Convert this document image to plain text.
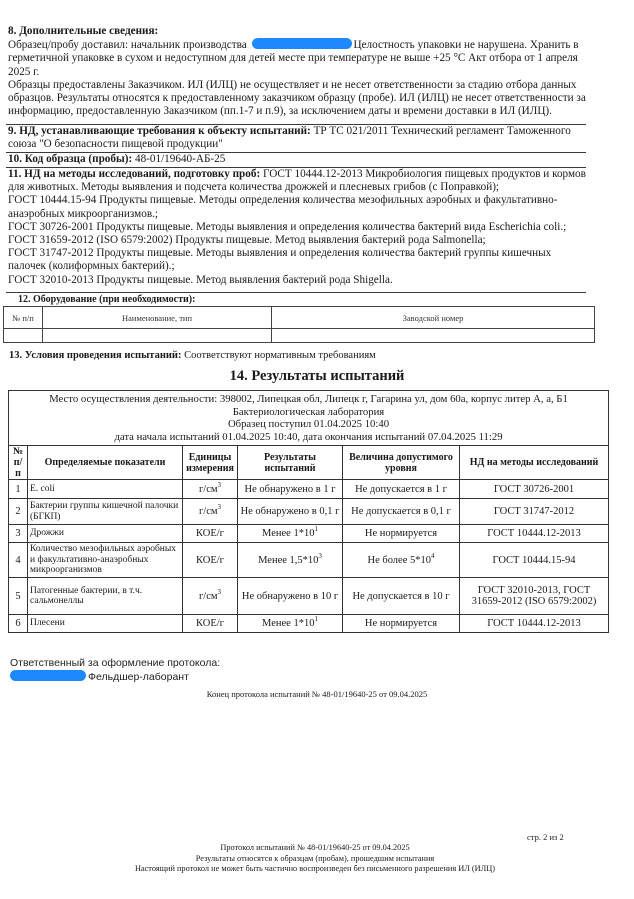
8. Дополнительные сведения:
Образец/пробу доставил: начальник производства	Целостность упаковки не нарушена. Хранить в герметичной упаковке в сухом и недоступном для детей месте при температуре не выше +25 °С Акт отбора от 1 апреля 2025 г.
Образцы предоставлены Заказчиком. ИЛ (ИЛЦ) не осуществляет и не несет ответственности за стадию отбора данных образцов. Результаты относятся к предоставленному заказчиком образцу (пробе). ИЛ (ИЛЦ) не несет ответственности за информацию, предоставленную Заказчиком (пп.1-7 и п.9), за исключением даты и времени доставки в ИЛ (ИЛЦ).
9. НД, устанавливающие требования к объекту испытаний: ТР ТС 021/2011 Технический регламент Таможенного союза "О безопасности пищевой продукции"
10. Код образца (пробы): 48-01/19640-АБ-25
11. НД на методы исследований, подготовку проб: ГОСТ 10444.12-2013 Микробиология пищевых продуктов и кормов для животных. Методы выявления и подсчета количества дрожжей и плесневых грибов (с Поправкой);
ГОСТ 10444.15-94 Продукты пищевые. Методы определения количества мезофильных аэробных и факультативно-анаэробных микроорганизмов.;
ГОСТ 30726-2001 Продукты пищевые. Методы выявления и определения количества бактерий вида Escherichia coli.;
ГОСТ 31659-2012 (ISO 6579:2002) Продукты пищевые. Метод выявления бактерий рода Salmonella;
ГОСТ 31747-2012 Продукты пищевые. Методы выявления и определения количества бактерий группы кишечных палочек (колиформных бактерий).;
ГОСТ 32010-2013 Продукты пищевые. Метод выявления бактерий рода Shigella.
12. Оборудование (при необходимости):
№ п/п	Наименование, тип	Заводской номер

13. Условия проведения испытаний: Соответствуют нормативным требованиям
14. Результаты испытаний
Место осуществления деятельности: 398002, Липецкая обл, Липецк г, Гагарина ул, дом 60а, корпус литер А, а, Б1
Бактериологическая лаборатория
Образец поступил 01.04.2025 10:40
дата начала испытаний 01.04.2025 10:40, дата окончания испытаний 07.04.2025 11:29					

№ п/п	Определяемые показатели	Единицы измерения	Результаты испытаний	Величина допустимого уровня	НД на методы исследований
1	E. coli	$г/см^3$	Не обнаружено в 1 г	Не допускается в 1 г	ГОСТ 30726-2001
2	Бактерии группы кишечной палочки (БГКП)	$г/см^3$	Не обнаружено в 0,1 г	Не допускается в 0,1 г	ГОСТ 31747-2012
3	Дрожжи	КОЕ/г	Менее $1*10^1$	Не нормируется	ГОСТ 10444.12-2013
4	Количество мезофильных аэробных и факультативно-анаэробных микроорганизмов	КОЕ/г	Менее $1,5*10^3$	Не более $5*10^4$	ГОСТ 10444.15-94
5	Патогенные бактерии, в т.ч. сальмонеллы	$г/см^3$	Не обнаружено в 10 г	Не допускается в 10 г	ГОСТ 32010-2013, ГОСТ 31659-2012 (ISO 6579:2002)
6	Плесени	КОЕ/г	Менее $1*10^1$	Не нормируется	ГОСТ 10444.12-2013
Ответственный за оформление протокола:
Фельдшер-лаборант
Конец протокола испытаний № 48-01/19640-25 от 09.04.2025
стр. 2 из 2
Протокол испытаний № 48-01/19640-25 от 09.04.2025
Результаты относятся к образцам (пробам), прошедшим испытания
Настоящий протокол не может быть частично воспроизведен без письменного разрешения ИЛ (ИЛЦ)
